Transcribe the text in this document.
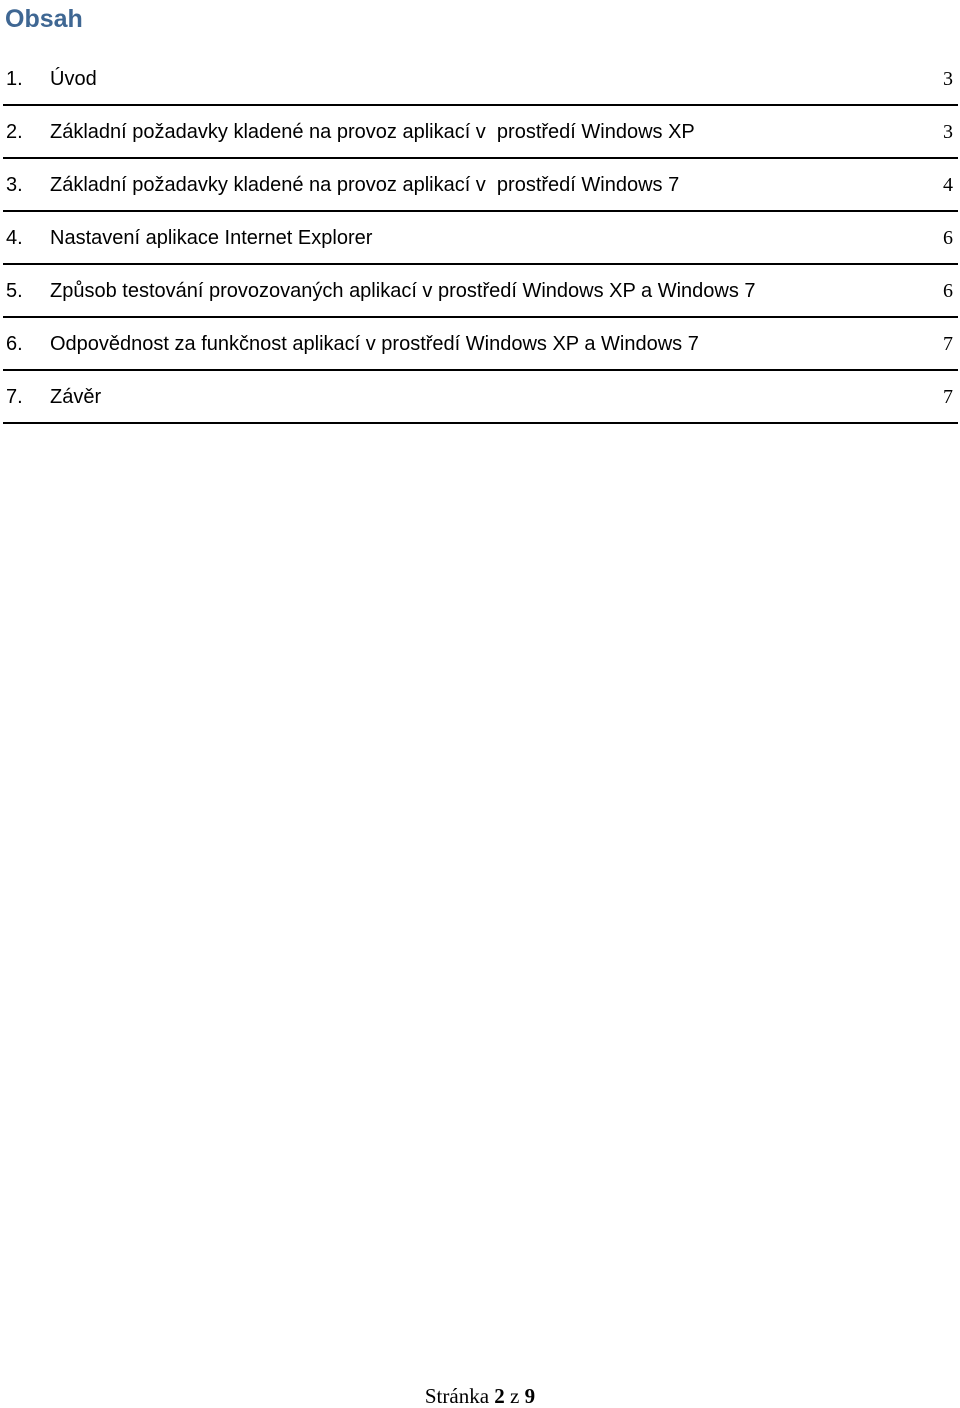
Obsah
1. Úvod	3
2. Základní požadavky kladené na provoz aplikací v  prostředí Windows XP	3
3. Základní požadavky kladené na provoz aplikací v  prostředí Windows 7	4
4. Nastavení aplikace Internet Explorer	6
5. Způsob testování provozovaných aplikací v prostředí Windows XP a Windows 7	6
6. Odpovědnost za funkčnost aplikací v prostředí Windows XP a Windows 7	7
7. Závěr	7
Stránka 2 z 9
